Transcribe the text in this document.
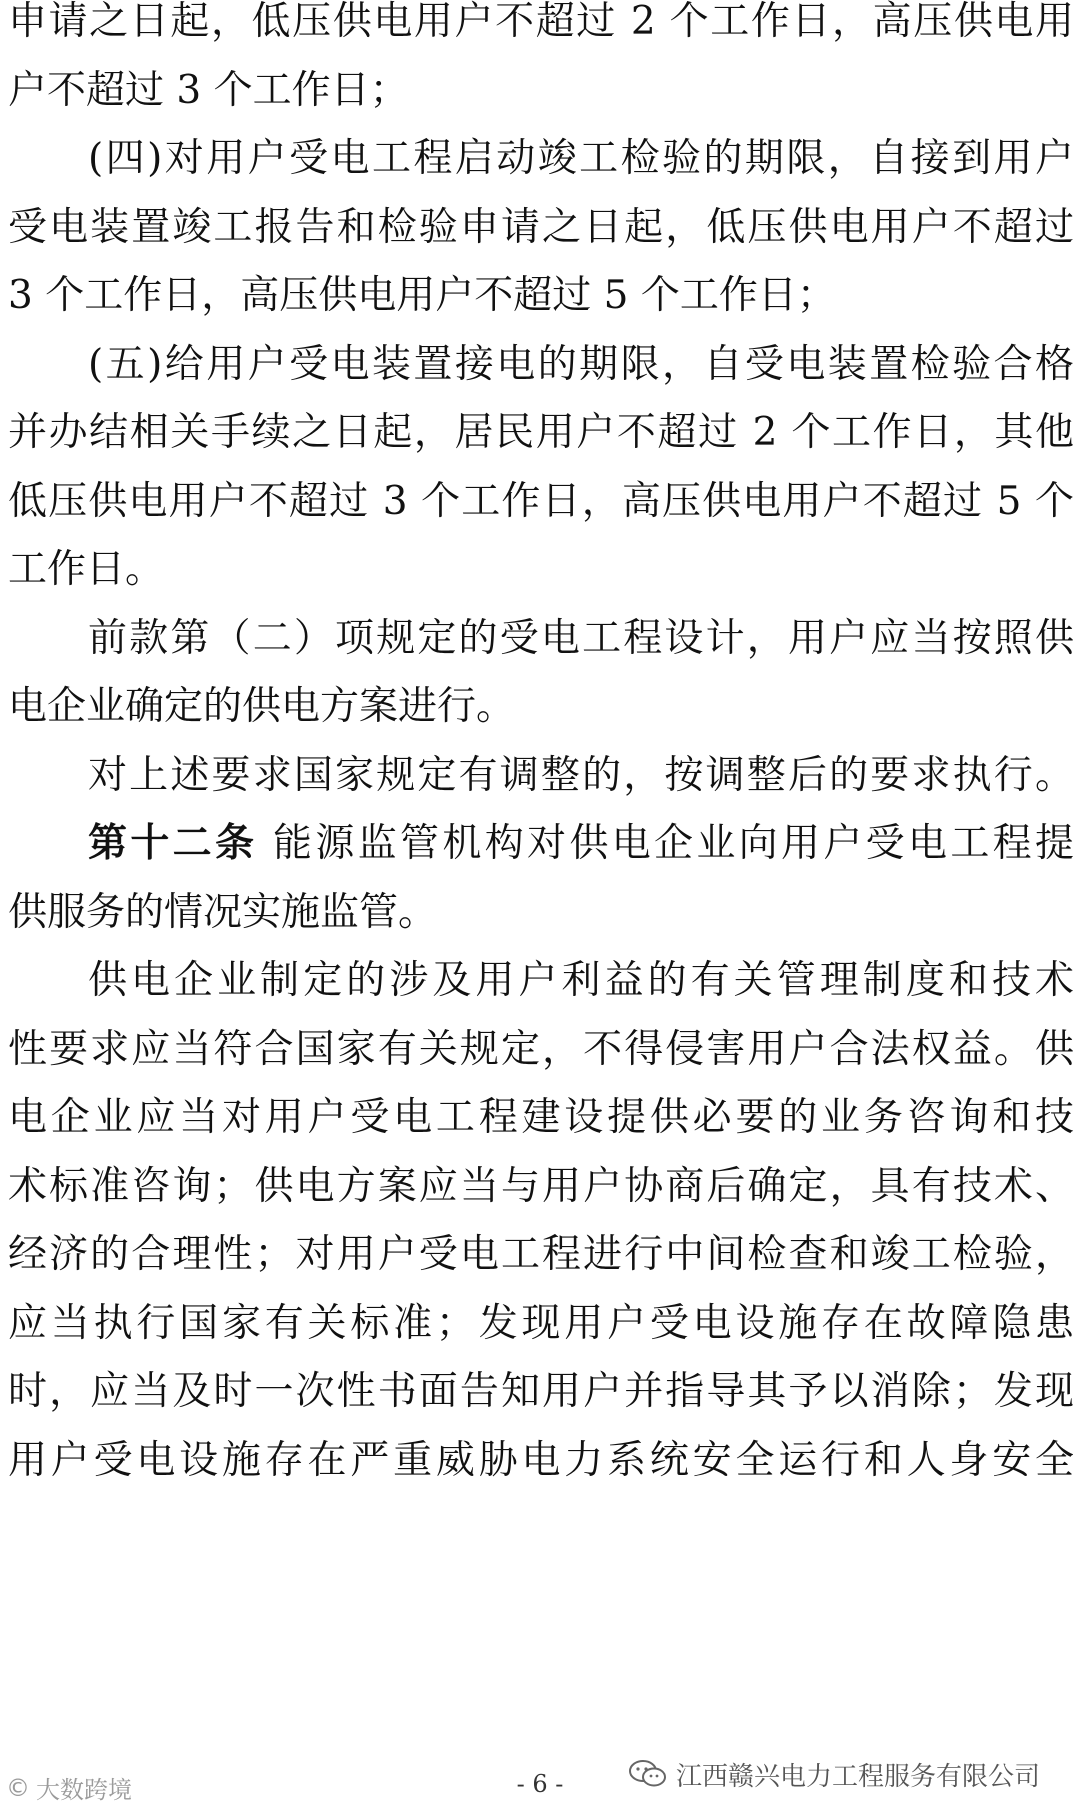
申请之日起，低压供电用户不超过 2 个工作日，高压供电用
户不超过 3 个工作日；
(四)对用户受电工程启动竣工检验的期限，自接到用户
受电装置竣工报告和检验申请之日起，低压供电用户不超过
3 个工作日，高压供电用户不超过 5 个工作日；
(五)给用户受电装置接电的期限，自受电装置检验合格
并办结相关手续之日起，居民用户不超过 2 个工作日，其他
低压供电用户不超过 3 个工作日，高压供电用户不超过 5 个
工作日。
前款第（二）项规定的受电工程设计，用户应当按照供
电企业确定的供电方案进行。
对上述要求国家规定有调整的，按调整后的要求执行。
第十二条 能源监管机构对供电企业向用户受电工程提
供服务的情况实施监管。
供电企业制定的涉及用户利益的有关管理制度和技术
性要求应当符合国家有关规定，不得侵害用户合法权益。供
电企业应当对用户受电工程建设提供必要的业务咨询和技
术标准咨询；供电方案应当与用户协商后确定，具有技术、
经济的合理性；对用户受电工程进行中间检查和竣工检验，
应当执行国家有关标准；发现用户受电设施存在故障隐患
时，应当及时一次性书面告知用户并指导其予以消除；发现
用户受电设施存在严重威胁电力系统安全运行和人身安全
© 大数跨境	- 6 -	江西赣兴电力工程服务有限公司
